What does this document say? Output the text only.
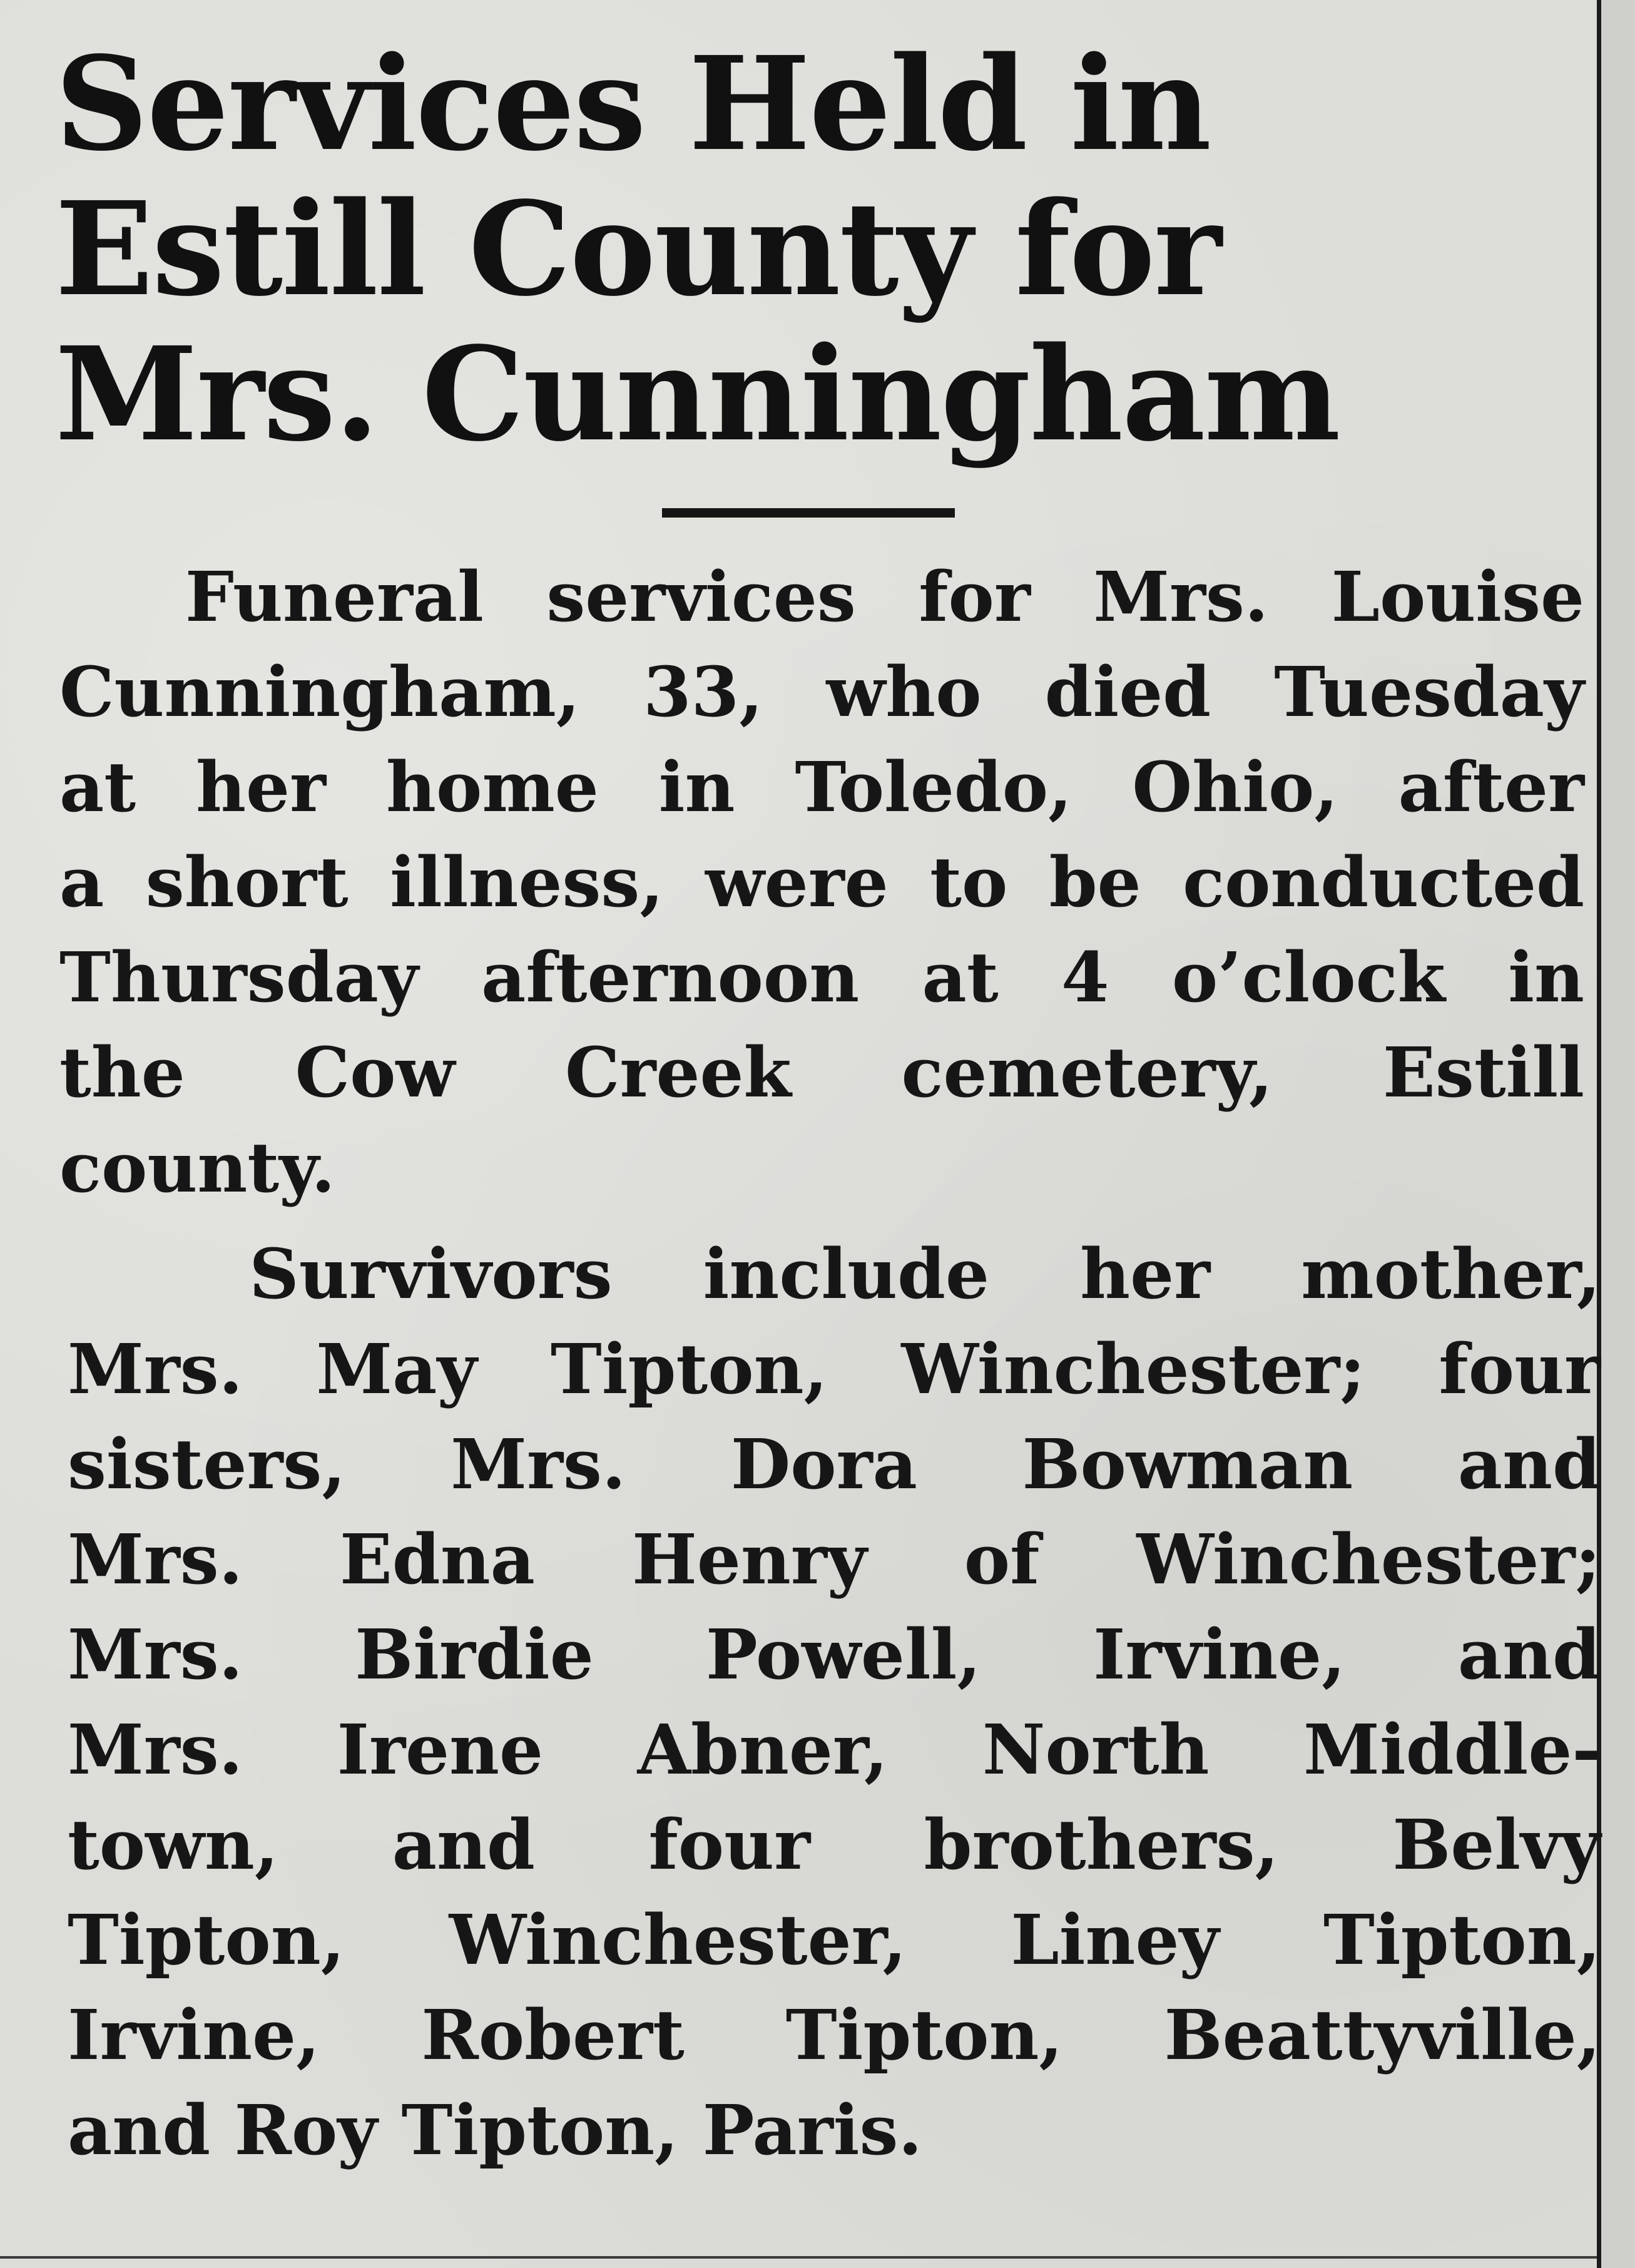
Services Held in
Estill County for
Mrs. Cunningham

Funeral services for Mrs. Louise
Cunningham, 33, who died Tuesday
at her home in Toledo, Ohio, after
a short illness, were to be conducted
Thursday afternoon at 4 o’clock in
the Cow Creek cemetery, Estill
county.

Survivors include her mother,
Mrs. May Tipton, Winchester; four
sisters, Mrs. Dora Bowman and
Mrs. Edna Henry of Winchester;
Mrs. Birdie Powell, Irvine, and
Mrs. Irene Abner, North Middle-
town, and four brothers, Belvy
Tipton, Winchester, Liney Tipton,
Irvine, Robert Tipton, Beattyville,
and Roy Tipton, Paris.
